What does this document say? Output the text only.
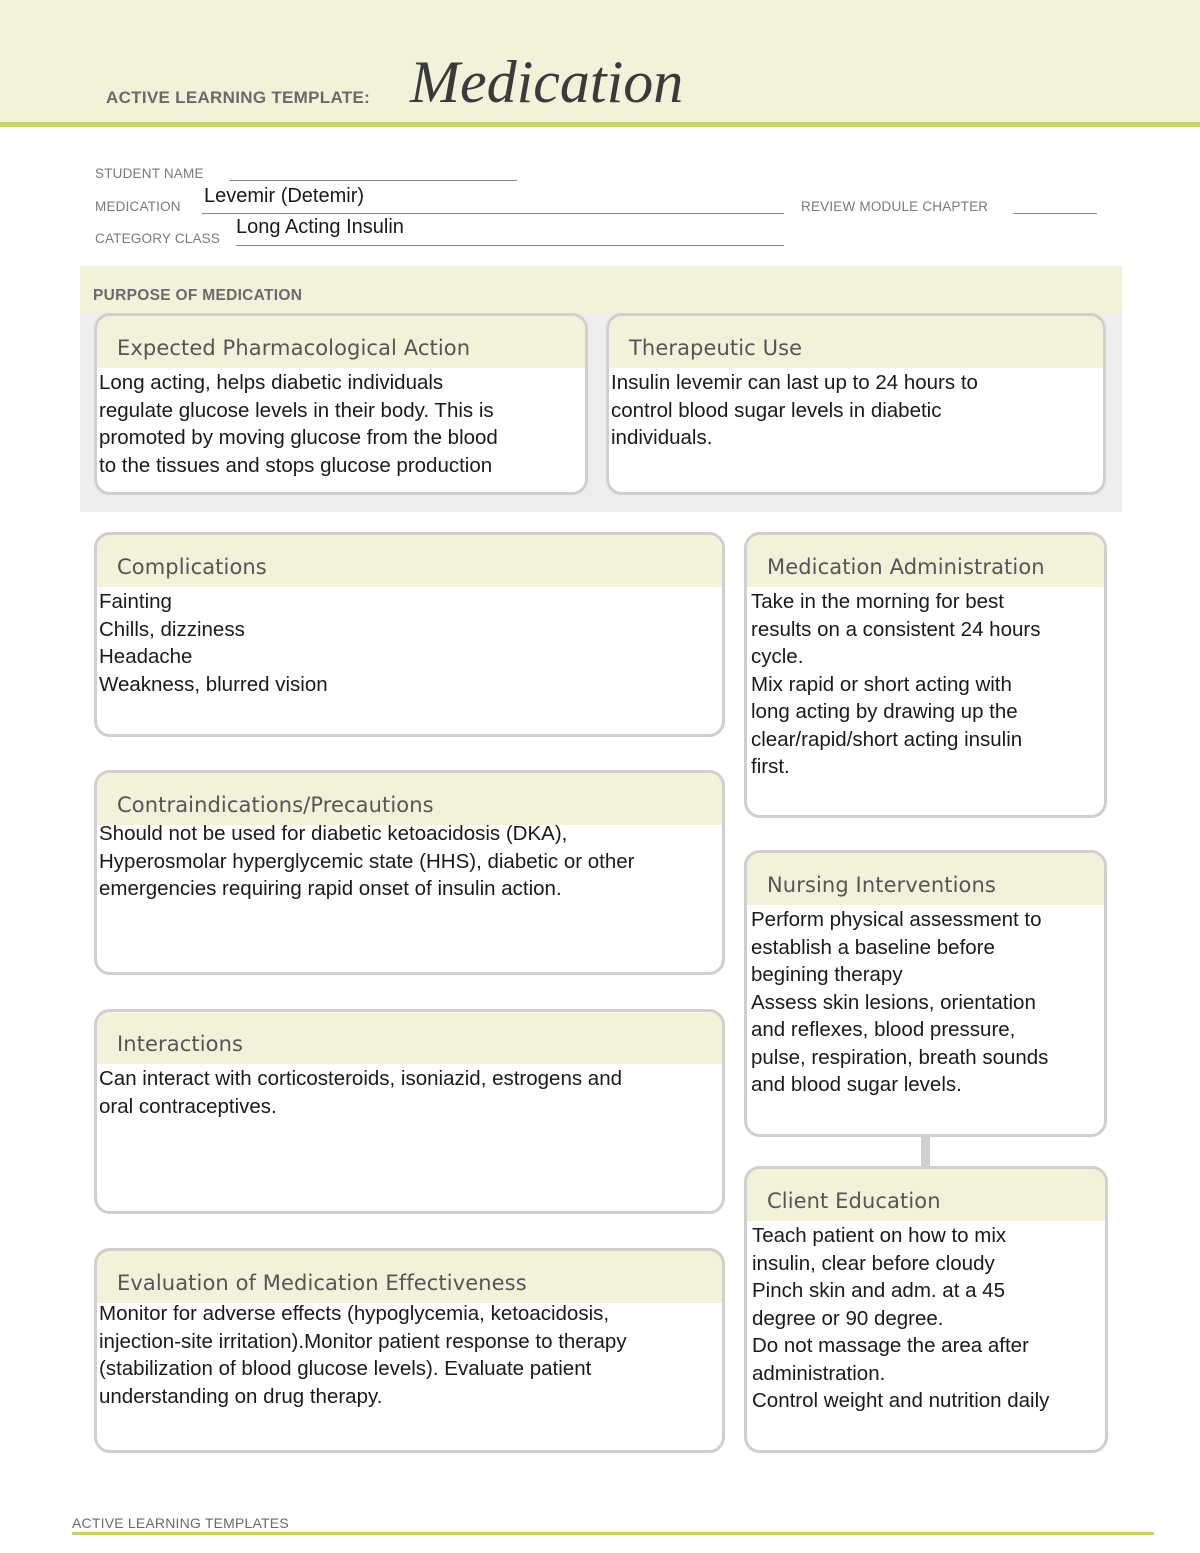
ACTIVE LEARNING TEMPLATE: Medication
STUDENT NAME
MEDICATION Levemir (Detemir)	REVIEW MODULE CHAPTER
CATEGORY CLASS
Long Acting Insulin
PURPOSE OF MEDICATION
Expected Pharmacological Action
Long acting, helps diabetic individuals
regulate glucose levels in their body. This is
promoted by moving glucose from the blood
to the tissues and stops glucose production
Therapeutic Use
Insulin levemir can last up to 24 hours to
control blood sugar levels in diabetic
individuals.
Complications
Fainting
Chills, dizziness
Headache
Weakness, blurred vision
Contraindications/Precautions
Should not be used for diabetic ketoacidosis (DKA),
Hyperosmolar hyperglycemic state (HHS), diabetic or other
emergencies requiring rapid onset of insulin action.
Interactions
Can interact with corticosteroids, isoniazid, estrogens and
oral contraceptives.
Evaluation of Medication Effectiveness
Monitor for adverse effects (hypoglycemia, ketoacidosis,
injection-site irritation).Monitor patient response to therapy
(stabilization of blood glucose levels). Evaluate patient
understanding on drug therapy.
Medication Administration
Take in the morning for best
results on a consistent 24 hours
cycle.
Mix rapid or short acting with
long acting by drawing up the
clear/rapid/short acting insulin
first.
Nursing Interventions
Perform physical assessment to
establish a baseline before
begining therapy
Assess skin lesions, orientation
and reflexes, blood pressure,
pulse, respiration, breath sounds
and blood sugar levels.
Client Education
Teach patient on how to mix
insulin, clear before cloudy
Pinch skin and adm. at a 45
degree or 90 degree.
Do not massage the area after
administration.
Control weight and nutrition daily
ACTIVE LEARNING TEMPLATES
